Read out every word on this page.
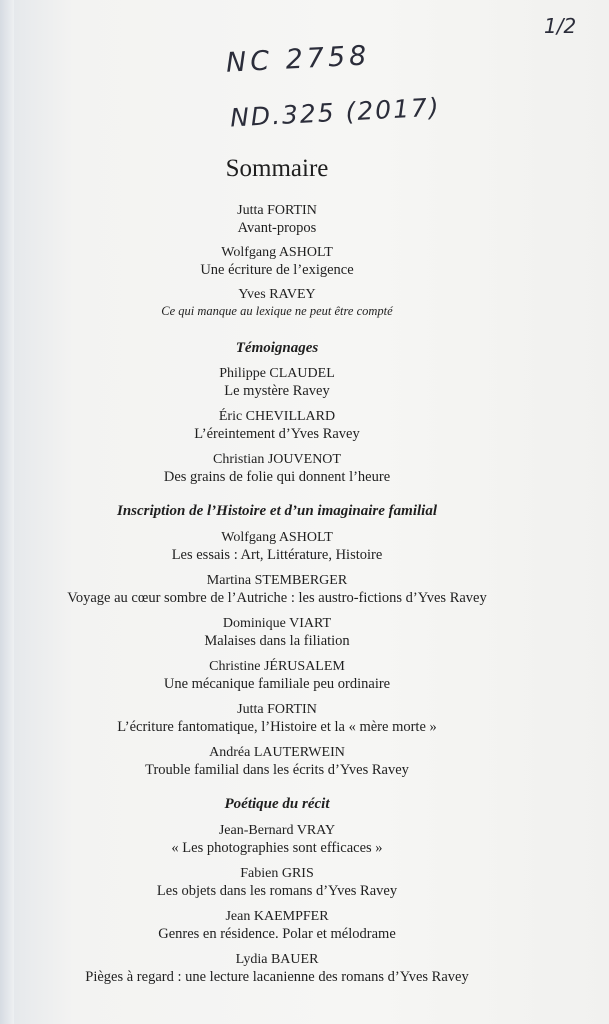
1/2
NC 2758
ND.325 (2017)
Sommaire
Jutta FORTIN
Avant-propos
Wolfgang ASHOLT
Une écriture de l’exigence
Yves RAVEY
Ce qui manque au lexique ne peut être compté
Témoignages
Philippe CLAUDEL
Le mystère Ravey
Éric CHEVILLARD
L’éreintement d’Yves Ravey
Christian JOUVENOT
Des grains de folie qui donnent l’heure
Inscription de l’Histoire et d’un imaginaire familial
Wolfgang ASHOLT
Les essais : Art, Littérature, Histoire
Martina STEMBERGER
Voyage au cœur sombre de l’Autriche : les austro-fictions d’Yves Ravey
Dominique VIART
Malaises dans la filiation
Christine JÉRUSALEM
Une mécanique familiale peu ordinaire
Jutta FORTIN
L’écriture fantomatique, l’Histoire et la « mère morte »
Andréa LAUTERWEIN
Trouble familial dans les écrits d’Yves Ravey
Poétique du récit
Jean-Bernard VRAY
« Les photographies sont efficaces »
Fabien GRIS
Les objets dans les romans d’Yves Ravey
Jean KAEMPFER
Genres en résidence. Polar et mélodrame
Lydia BAUER
Pièges à regard : une lecture lacanienne des romans d’Yves Ravey
